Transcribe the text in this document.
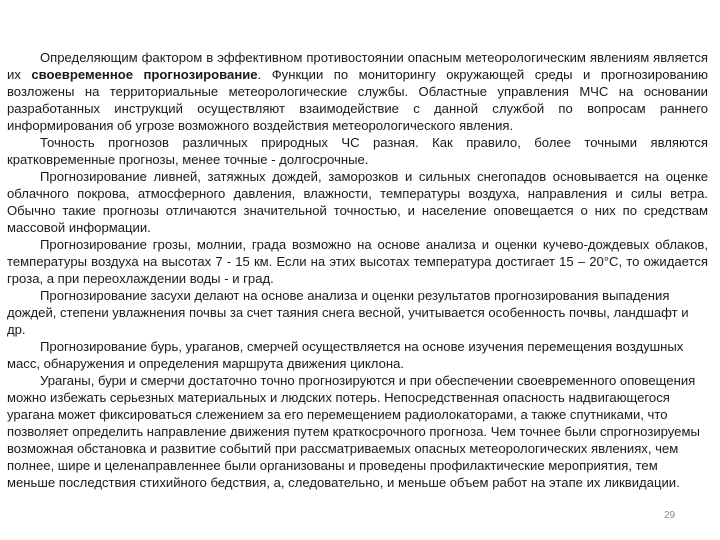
Определяющим фактором в эффективном противостоянии опасным метеорологическим явлениям является их своевременное прогнозирование. Функции по мониторингу окружающей среды и прогнозированию возложены на территориальные метеорологические службы. Областные управления МЧС на основании разработанных инструкций осуществляют взаимодействие с данной службой по вопросам раннего информирования об угрозе возможного воздействия метеорологического явления.

Точность прогнозов различных природных ЧС разная. Как правило, более точными являются кратковременные прогнозы, менее точные - долгосрочные.

Прогнозирование ливней, затяжных дождей, заморозков и сильных снегопадов основывается на оценке облачного покрова, атмосферного давления, влажности, температуры воздуха, направления и силы ветра. Обычно такие прогнозы отличаются значительной точностью, и население оповещается о них по средствам массовой информации.

Прогнозирование грозы, молнии, града возможно на основе анализа и оценки кучево-дождевых облаков, температуры воздуха на высотах 7 - 15 км. Если на этих высотах температура достигает 15 – 20°С, то ожидается гроза, а при переохлаждении воды - и град.

Прогнозирование засухи делают на основе анализа и оценки результатов прогнозирования выпадения дождей, степени увлажнения почвы за счет таяния снега весной, учитывается особенность почвы, ландшафт и др.

Прогнозирование бурь, ураганов, смерчей осуществляется на основе изучения перемещения воздушных масс, обнаружения и определения маршрута движения циклона.

Ураганы, бури и смерчи достаточно точно прогнозируются и при обеспечении своевременного оповещения можно избежать серьезных материальных и людских потерь. Непосредственная опасность надвигающегося урагана может фиксироваться слежением за его перемещением радиолокаторами, а также спутниками, что позволяет определить направление движения путем краткосрочного прогноза. Чем точнее были спрогнозируемы возможная обстановка и развитие событий при рассматриваемых опасных метеорологических явлениях, чем полнее, шире и целенаправленнее были организованы и проведены профилактические мероприятия, тем меньше последствия стихийного бедствия, а, следовательно, и меньше объем работ на этапе их ликвидации.

29
